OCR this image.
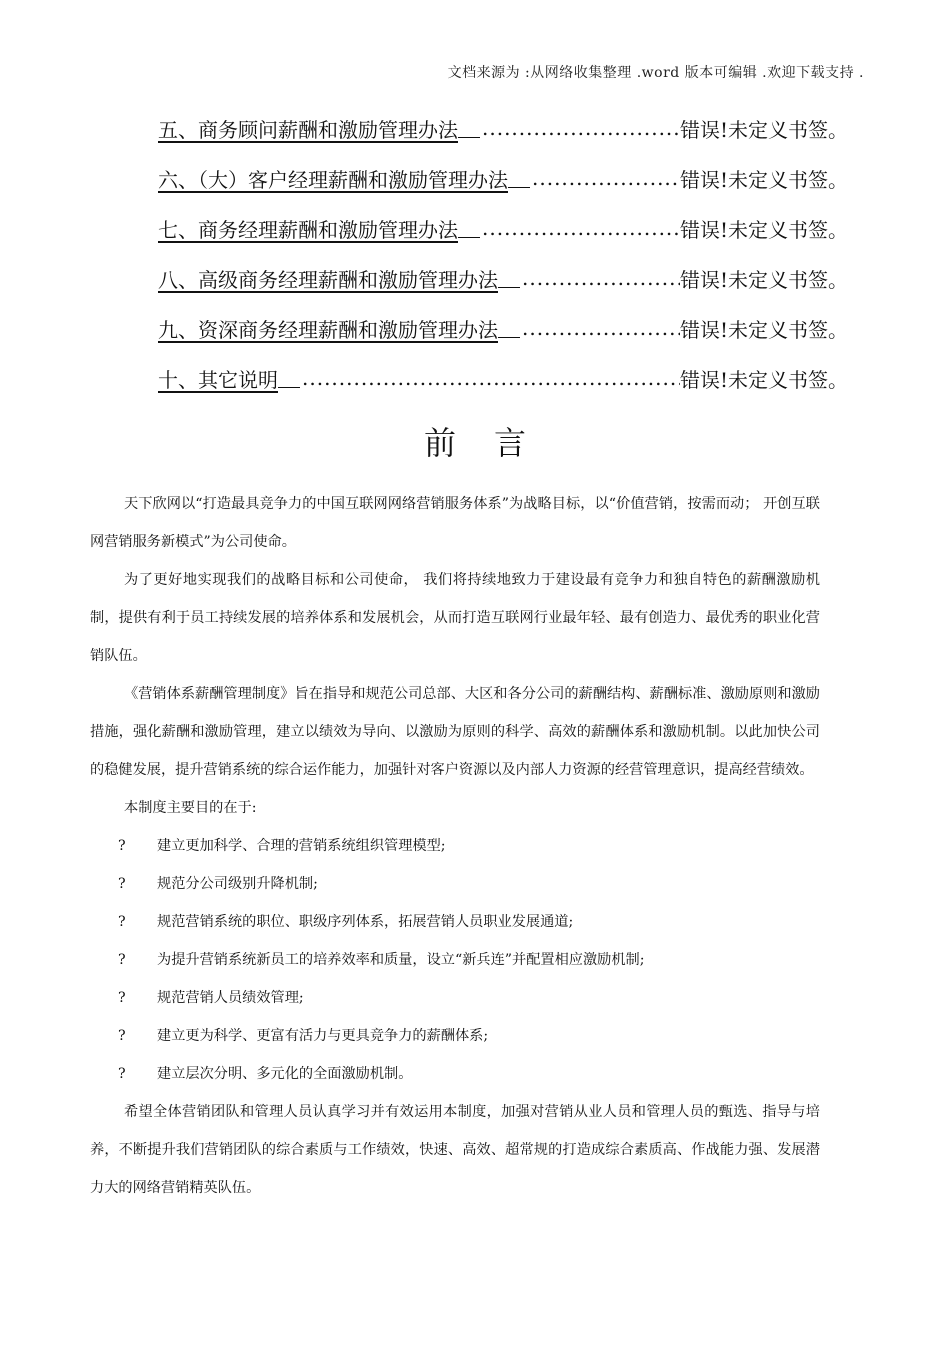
文档来源为 :从网络收集整理 .word 版本可编辑 .欢迎下载支持 .
五、商务顾问薪酬和激励管理办法 .....	错误!未定义书签。
六、（大）客户经理薪酬和激励管理办法 .....	错误!未定义书签。
七、商务经理薪酬和激励管理办法 .....	错误!未定义书签。
八、高级商务经理薪酬和激励管理办法 .....	错误!未定义书签。
九、资深商务经理薪酬和激励管理办法 .....	错误!未定义书签。
十、其它说明 .....	错误!未定义书签。
前言

天下欣网以“打造最具竞争力的中国互联网网络营销服务体系”为战略目标，以“价值营销，按需而动； 开创互联网营销服务新模式”为公司使命。

为了更好地实现我们的战略目标和公司使命， 我们将持续地致力于建设最有竞争力和独自特色的薪酬激励机制，提供有利于员工持续发展的培养体系和发展机会，从而打造互联网行业最年轻、最有创造力、最优秀的职业化营销队伍。

《营销体系薪酬管理制度》旨在指导和规范公司总部、大区和各分公司的薪酬结构、薪酬标准、激励原则和激励措施，强化薪酬和激励管理，建立以绩效为导向、以激励为原则的科学、高效的薪酬体系和激励机制。以此加快公司的稳健发展，提升营销系统的综合运作能力，加强针对客户资源以及内部人力资源的经营管理意识，提高经营绩效。

本制度主要目的在于:

?	建立更加科学、合理的营销系统组织管理模型;
?	规范分公司级别升降机制;
?	规范营销系统的职位、职级序列体系，拓展营销人员职业发展通道;
?	为提升营销系统新员工的培养效率和质量，设立“新兵连”并配置相应激励机制;
?	规范营销人员绩效管理;
?	建立更为科学、更富有活力与更具竞争力的薪酬体系;
?	建立层次分明、多元化的全面激励机制。

希望全体营销团队和管理人员认真学习并有效运用本制度，加强对营销从业人员和管理人员的甄选、指导与培养，不断提升我们营销团队的综合素质与工作绩效，快速、高效、超常规的打造成综合素质高、作战能力强、发展潜力大的网络营销精英队伍。
